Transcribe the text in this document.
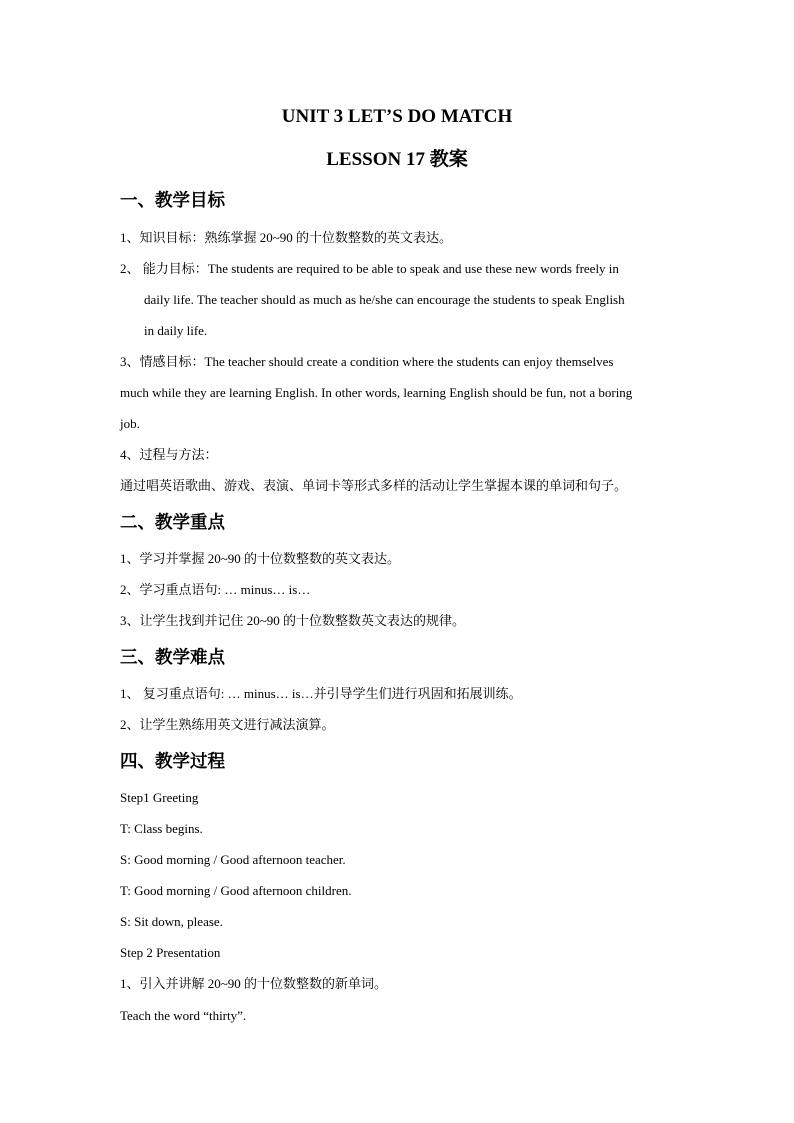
UNIT 3 LET’S DO MATCH
LESSON 17 教案
一、教学目标

1、知识目标：熟练掌握 20~90 的十位数整数的英文表达。

2、 能力目标：The students are required to be able to speak and use these new words freely in

daily life. The teacher should as much as he/she can encourage the students to speak English

in daily life.

3、情感目标：The teacher should create a condition where the students can enjoy themselves

much while they are learning English. In other words, learning English should be fun, not a boring

job.

4、过程与方法：

通过唱英语歌曲、游戏、表演、单词卡等形式多样的活动让学生掌握本课的单词和句子。

二、教学重点

1、学习并掌握 20~90 的十位数整数的英文表达。

2、学习重点语句: … minus… is…

3、让学生找到并记住 20~90 的十位数整数英文表达的规律。

三、教学难点

1、 复习重点语句: … minus… is…并引导学生们进行巩固和拓展训练。

2、让学生熟练用英文进行减法演算。

四、教学过程

Step1 Greeting

T: Class begins.

S: Good morning / Good afternoon teacher.

T: Good morning / Good afternoon children.

S: Sit down, please.

Step 2 Presentation

1、引入并讲解 20~90 的十位数整数的新单词。

Teach the word “thirty”.
